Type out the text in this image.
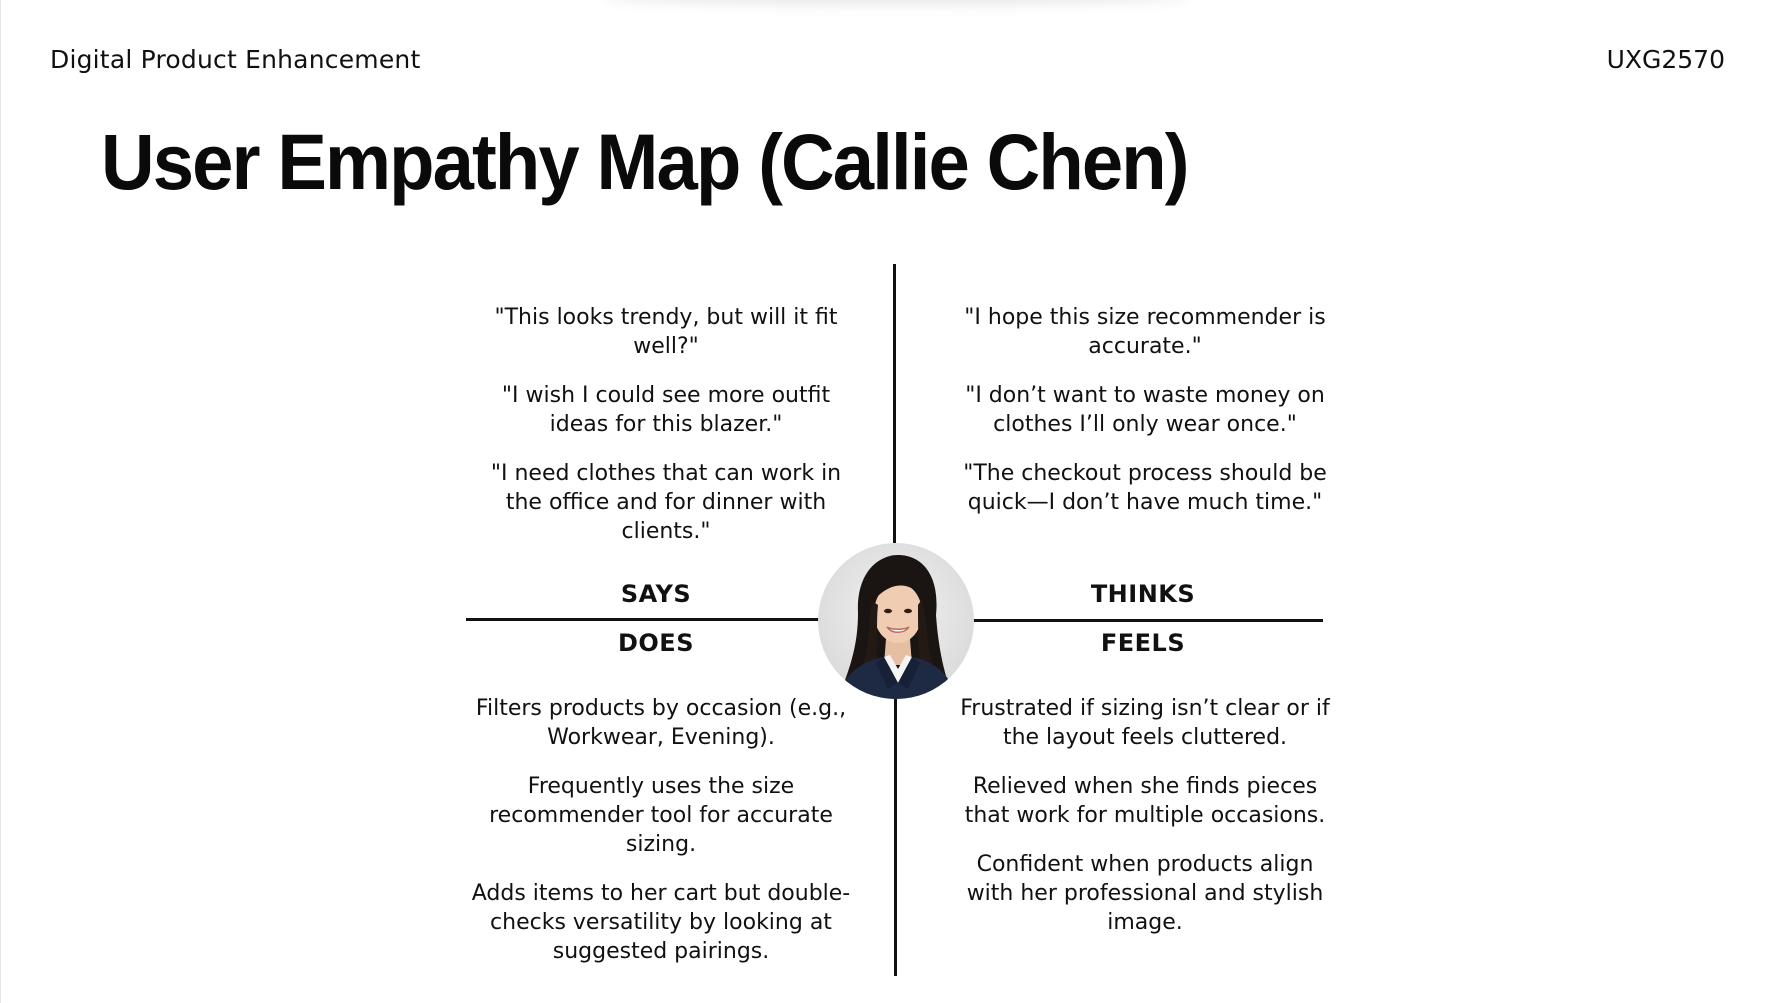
Digital Product Enhancement	UXG2570
User Empathy Map (Callie Chen)

"This looks trendy, but will it fit well?"

"I wish I could see more outfit ideas for this blazer."

"I need clothes that can work in the office and for dinner with clients."

"I hope this size recommender is accurate."

"I don’t want to waste money on clothes I’ll only wear once."

"The checkout process should be quick—I don’t have much time."

SAYS	THINKS
DOES	FEELS

Filters products by occasion (e.g., Workwear, Evening).

Frequently uses the size recommender tool for accurate sizing.

Adds items to her cart but double-checks versatility by looking at suggested pairings.

Frustrated if sizing isn’t clear or if the layout feels cluttered.

Relieved when she finds pieces that work for multiple occasions.

Confident when products align with her professional and stylish image.
